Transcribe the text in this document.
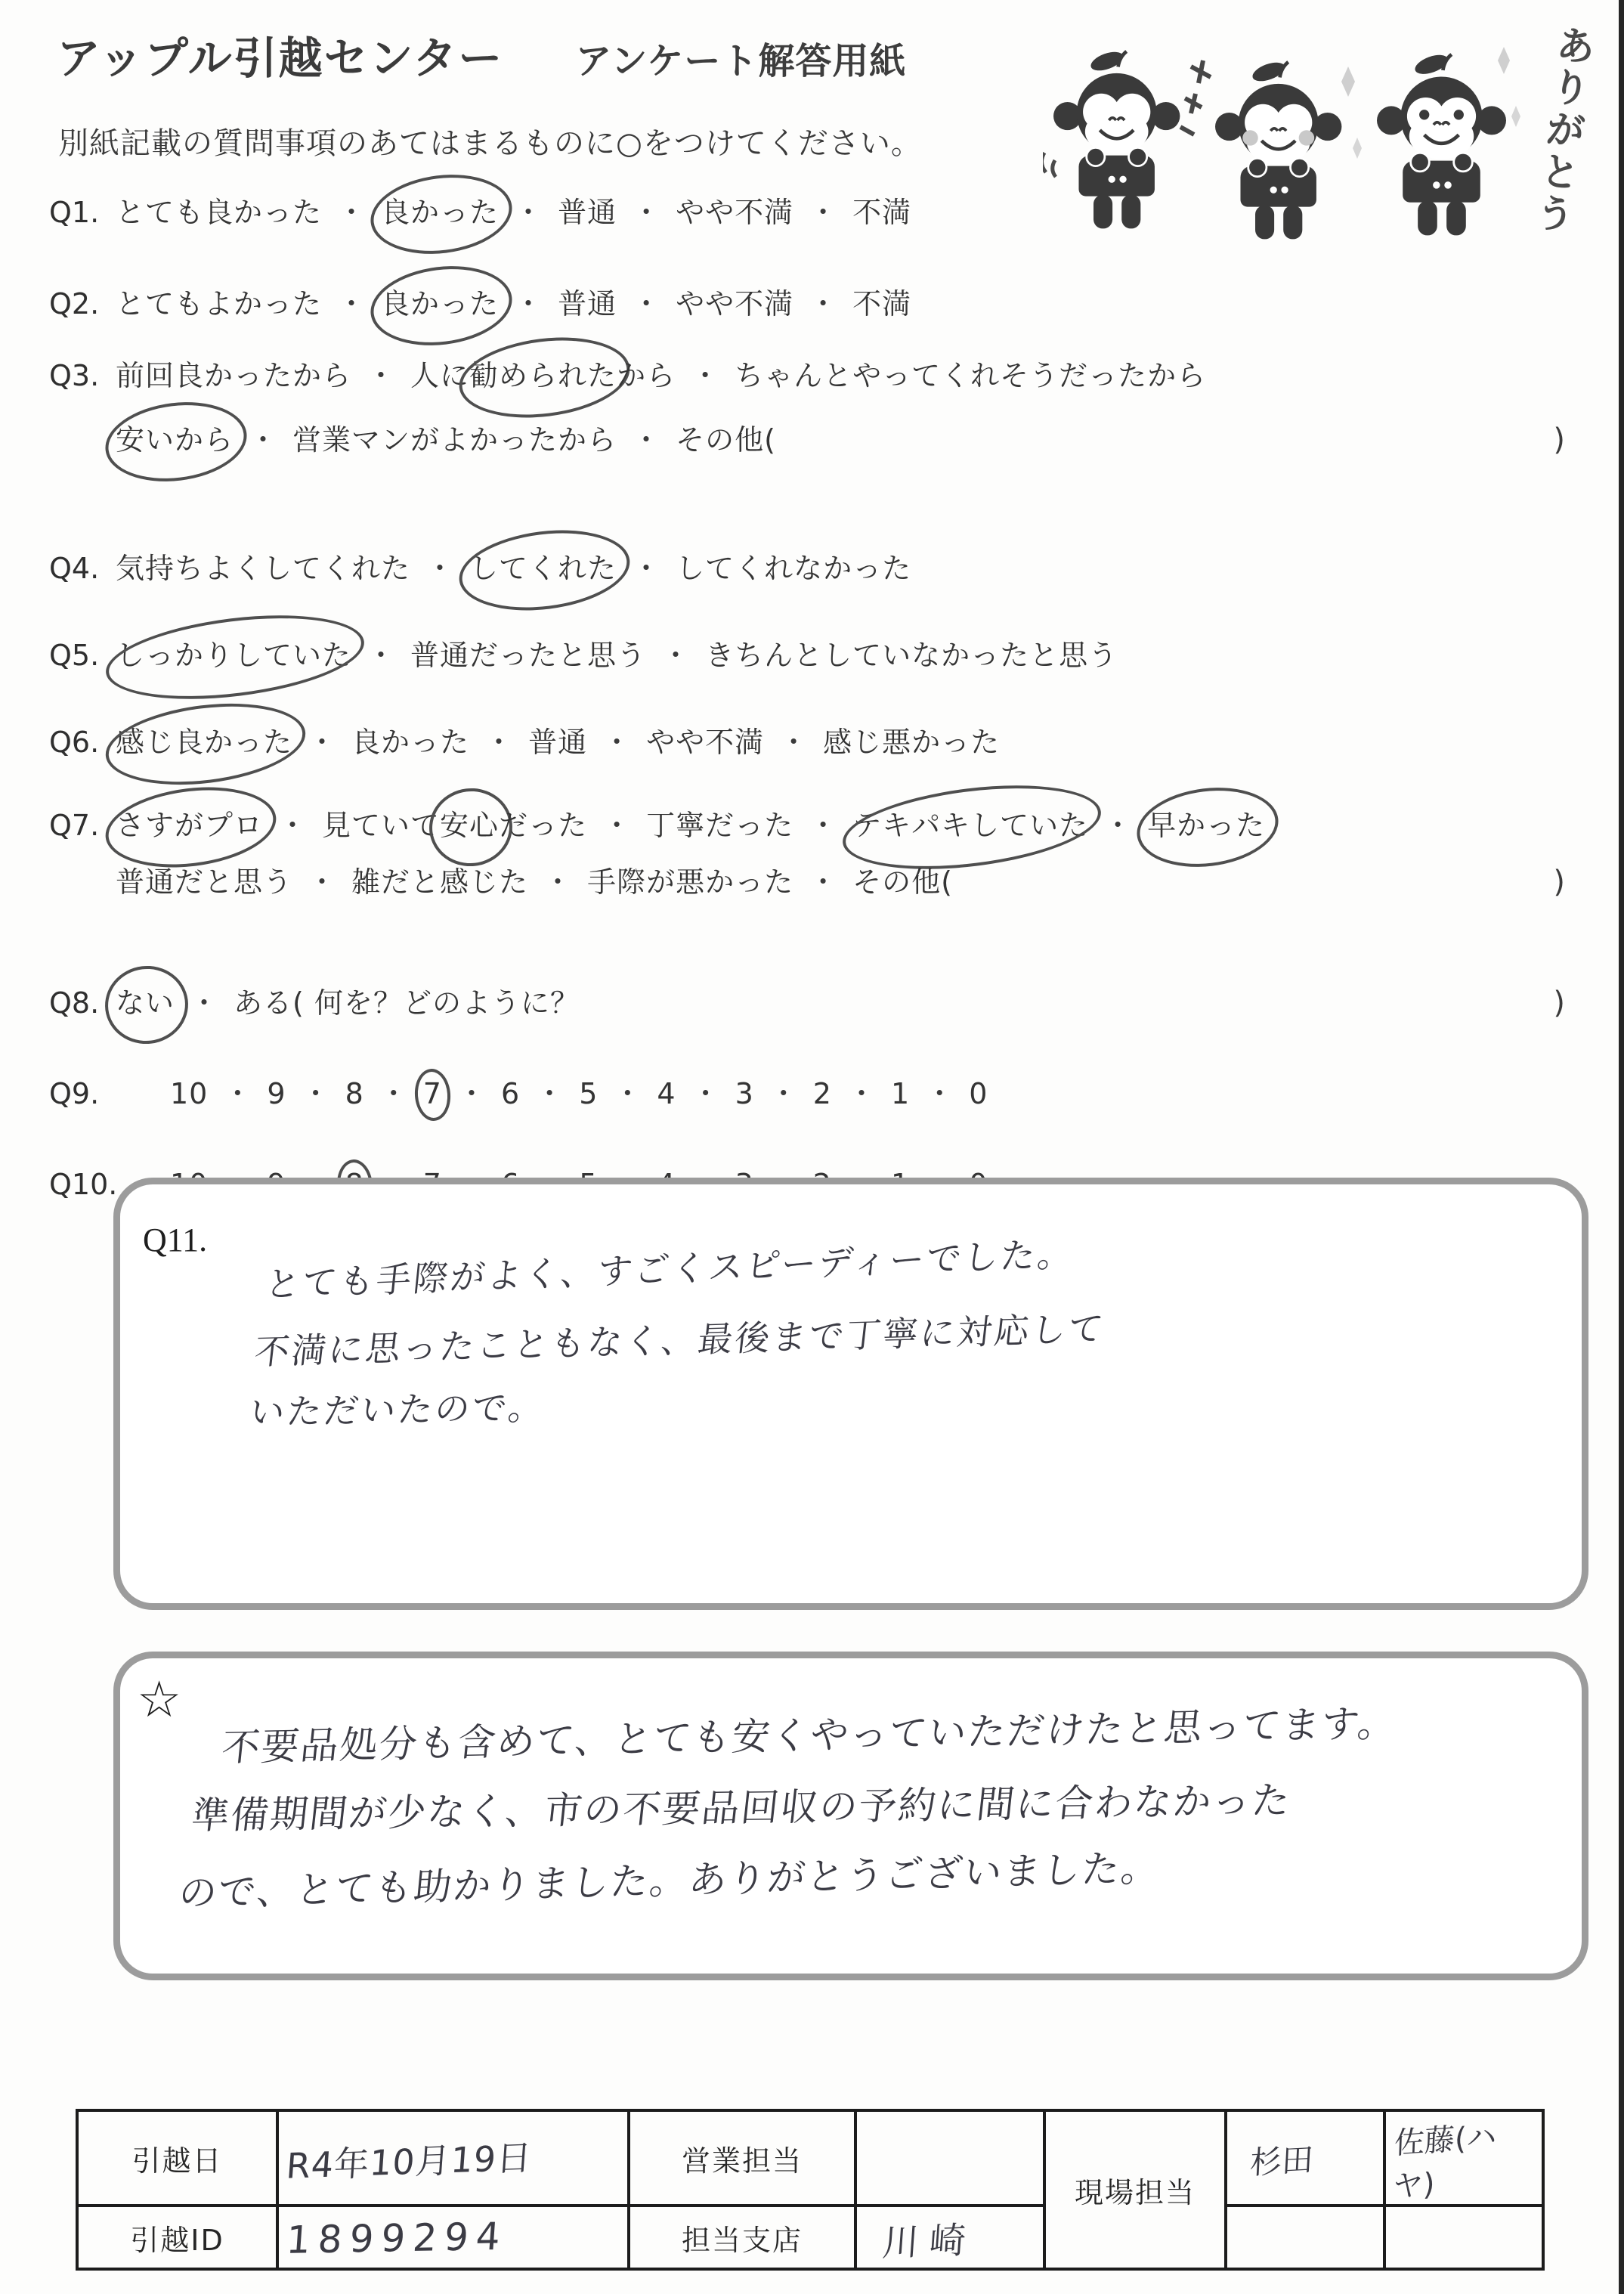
アップル引越センター アンケート解答用紙
別紙記載の質問事項のあてはまるものに○をつけてください。	ありがとう
Q1. とても良かった ・ 良かった ・ 普通 ・ やや不満 ・ 不満
Q2. とてもよかった ・ 良かった ・ 普通 ・ やや不満 ・ 不満
Q3. 前回良かったから ・ 人に 勧められた から ・ ちゃんとやってくれそうだったから
安いから ・ 営業マンがよかったから ・ その他(	)
Q4. 気持ちよくしてくれた ・ してくれた ・ してくれなかった
Q5. しっかりしていた ・ 普通だったと思う ・ きちんとしていなかったと思う
Q6. 感じ良かった ・ 良かった ・ 普通 ・ やや不満 ・ 感じ悪かった
Q7. さすがプロ ・ 見ていて 安心 だった ・ 丁寧だった ・ テキパキしていた ・ 早かった
普通だと思う ・ 雑だと感じた ・ 手際が悪かった ・ その他(	)
Q8. ない ・ ある ( 何を？どのように？	)
Q9.	10 ・ 9 ・ 8 ・ 7 ・ 6 ・ 5 ・ 4 ・ 3 ・ 2 ・ 1 ・ 0
Q10.
Q11. とても手際がよく、すごくスピーディーでした。
不満に思ったこともなく、最後まで丁寧に対応して
いただいたので。
☆
不要品処分も含めて、とても安くやっていただけたと思ってます。
準備期間が少なく、市の不要品回収の予約に間に合わなかった
ので、とても助かりました。ありがとうございました。
引越日	R4年10月19日	営業担当		現場担当	杉田	佐藤(ハヤ)

引越ID	1899294	担当支店	川崎			
